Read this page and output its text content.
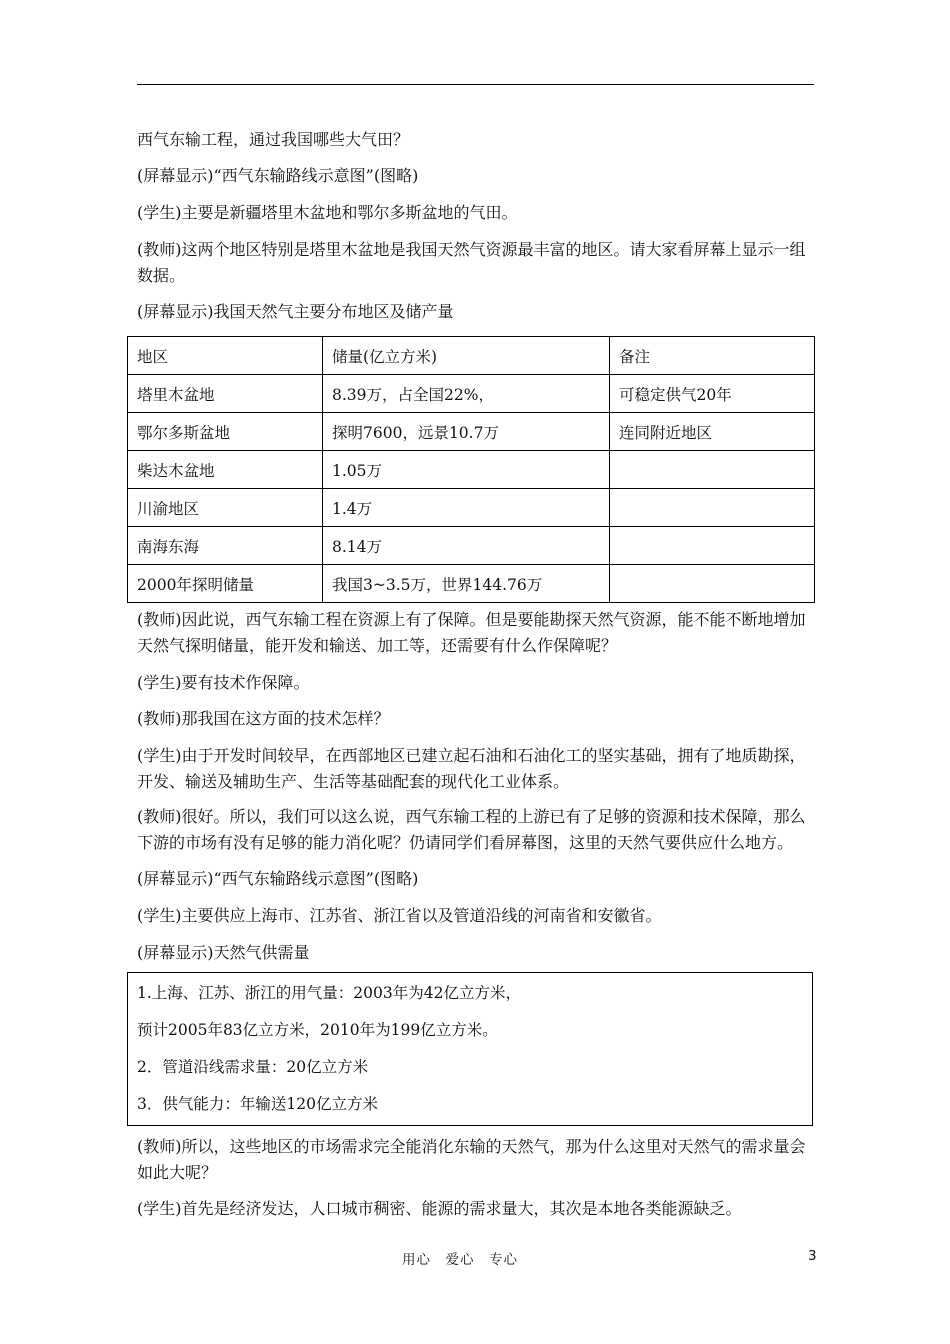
西气东输工程，通过我国哪些大气田？

(屏幕显示)“西气东输路线示意图”(图略)

(学生)主要是新疆塔里木盆地和鄂尔多斯盆地的气田。

(教师)这两个地区特别是塔里木盆地是我国天然气资源最丰富的地区。请大家看屏幕上显示一组数据。

(屏幕显示)我国天然气主要分布地区及储产量

地区	储量(亿立方米)	备注
塔里木盆地	8.39万，占全国22%，	可稳定供气20年
鄂尔多斯盆地	探明7600，远景10.7万	连同附近地区
柴达木盆地	1.05万	
川渝地区	1.4万	
南海东海	8.14万	
2000年探明储量	我国3~3.5万，世界144.76万	

(教师)因此说，西气东输工程在资源上有了保障。但是要能勘探天然气资源，能不能不断地增加天然气探明储量，能开发和输送、加工等，还需要有什么作保障呢？

(学生)要有技术作保障。

(教师)那我国在这方面的技术怎样？

(学生)由于开发时间较早，在西部地区已建立起石油和石油化工的坚实基础，拥有了地质勘探，开发、输送及辅助生产、生活等基础配套的现代化工业体系。

(教师)很好。所以，我们可以这么说，西气东输工程的上游已有了足够的资源和技术保障，那么下游的市场有没有足够的能力消化呢？仍请同学们看屏幕图，这里的天然气要供应什么地方。

(屏幕显示)“西气东输路线示意图”(图略)

(学生)主要供应上海市、江苏省、浙江省以及管道沿线的河南省和安徽省。

(屏幕显示)天然气供需量

1.上海、江苏、浙江的用气量：2003年为42亿立方米，

预计2005年83亿立方米，2010年为199亿立方米。

2．管道沿线需求量：20亿立方米

3．供气能力：年输送120亿立方米

(教师)所以，这些地区的市场需求完全能消化东输的天然气，那为什么这里对天然气的需求量会如此大呢？

(学生)首先是经济发达，人口城市稠密、能源的需求量大，其次是本地各类能源缺乏。

用心　爱心　专心	3
